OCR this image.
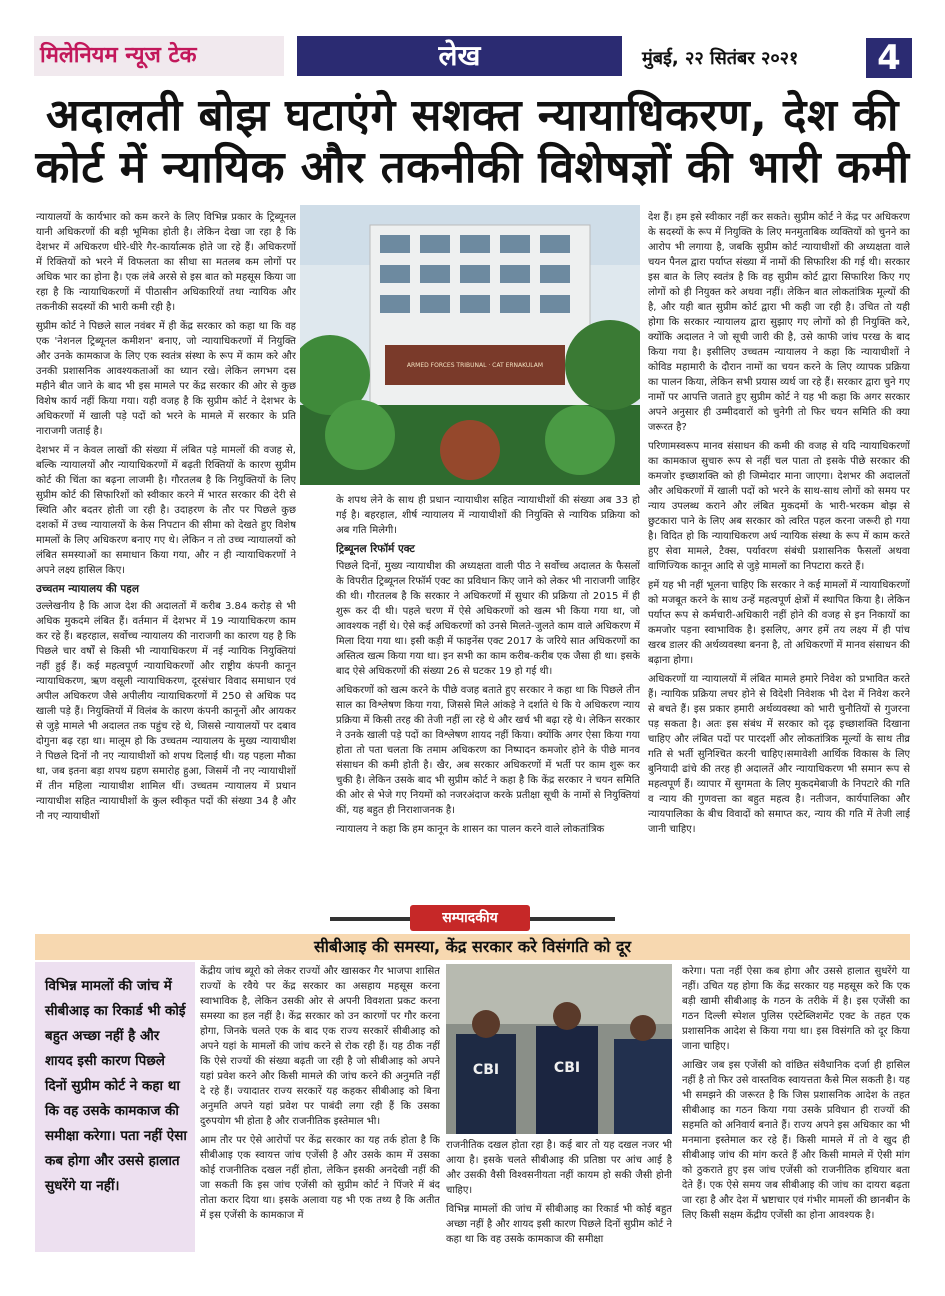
मिलेनियम न्यूज टेक	लेख	मुंबई, २२ सितंबर २०२१	4
अदालती बोझ घटाएंगे सशक्त न्यायाधिकरण, देश की कोर्ट में न्यायिक और तकनीकी विशेषज्ञों की भारी कमी

न्यायालयों के कार्यभार को कम करने के लिए विभिन्न प्रकार के ट्रिब्यूनल यानी अधिकरणों की बड़ी भूमिका होती है। लेकिन देखा जा रहा है कि देशभर में अधिकरण धीरे-धीरे गैर-कार्यात्मक होते जा रहे हैं। अधिकरणों में रिक्तियों को भरने में विफलता का सीधा सा मतलब कम लोगों पर अधिक भार का होना है। एक लंबे अरसे से इस बात को महसूस किया जा रहा है कि न्यायाधिकरणों में पीठासीन अधिकारियों तथा न्यायिक और तकनीकी सदस्यों की भारी कमी रही है।

सुप्रीम कोर्ट ने पिछले साल नवंबर में ही केंद्र सरकार को कहा था कि वह एक 'नेशनल ट्रिब्यूनल कमीशन' बनाए, जो न्यायाधिकरणों में नियुक्ति और उनके कामकाज के लिए एक स्वतंत्र संस्था के रूप में काम करे और उनकी प्रशासनिक आवश्यकताओं का ध्यान रखे। लेकिन लगभग दस महीने बीत जाने के बाद भी इस मामले पर केंद्र सरकार की ओर से कुछ विशेष कार्य नहीं किया गया। यही वजह है कि सुप्रीम कोर्ट ने देशभर के अधिकरणों में खाली पड़े पदों को भरने के मामले में सरकार के प्रति नाराजगी जताई है।

देशभर में न केवल लाखों की संख्या में लंबित पड़े मामलों की वजह से, बल्कि न्यायालयों और न्यायाधिकरणों में बढ़ती रिक्तियों के कारण सुप्रीम कोर्ट की चिंता का बढ़ना लाजमी है। गौरतलब है कि नियुक्तियों के लिए सुप्रीम कोर्ट की सिफारिशों को स्वीकार करने में भारत सरकार की देरी से स्थिति और बदतर होती जा रही है। उदाहरण के तौर पर पिछले कुछ दशकों में उच्च न्यायालयों के केस निपटान की सीमा को देखते हुए विशेष मामलों के लिए अधिकरण बनाए गए थे। लेकिन न तो उच्च न्यायालयों को लंबित समस्याओं का समाधान किया गया, और न ही न्यायाधिकरणों ने अपने लक्ष्य हासिल किए।

उच्चतम न्यायालय की पहल

उल्लेखनीय है कि आज देश की अदालतों में करीब 3.84 करोड़ से भी अधिक मुकदमे लंबित हैं। वर्तमान में देशभर में 19 न्यायाधिकरण काम कर रहे हैं। बहरहाल, सर्वोच्च न्यायालय की नाराजगी का कारण यह है कि पिछले चार वर्षों से किसी भी न्यायाधिकरण में नई न्यायिक नियुक्तियां नहीं हुई हैं। कई महत्वपूर्ण न्यायाधिकरणों और राष्ट्रीय कंपनी कानून न्यायाधिकरण, ऋण वसूली न्यायाधिकरण, दूरसंचार विवाद समाधान एवं अपील अधिकरण जैसे अपीलीय न्यायाधिकरणों में 250 से अधिक पद खाली पड़े हैं। नियुक्तियों में विलंब के कारण कंपनी कानूनों और आयकर से जुड़े मामले भी अदालत तक पहुंच रहे थे, जिससे न्यायालयों पर दबाव दोगुना बढ़ रहा था। मालूम हो कि उच्चतम न्यायालय के मुख्य न्यायाधीश ने पिछले दिनों नौ नए न्यायाधीशों को शपथ दिलाई थी। यह पहला मौका था, जब इतना बड़ा शपथ ग्रहण समारोह हुआ, जिसमें नौ नए न्यायाधीशों में तीन महिला न्यायाधीश शामिल थीं। उच्चतम न्यायालय में प्रधान न्यायाधीश सहित न्यायाधीशों के कुल स्वीकृत पदों की संख्या 34 है और नौ नए न्यायाधीशों

ARMED FORCES TRIBUNAL · CAT ERNAKULAM

के शपथ लेने के साथ ही प्रधान न्यायाधीश सहित न्यायाधीशों की संख्या अब 33 हो गई है। बहरहाल, शीर्ष न्यायालय में न्यायाधीशों की नियुक्ति से न्यायिक प्रक्रिया को अब गति मिलेगी।

ट्रिब्यूनल रिफॉर्म एक्ट

पिछले दिनों, मुख्य न्यायाधीश की अध्यक्षता वाली पीठ ने सर्वोच्च अदालत के फैसलों के विपरीत ट्रिब्यूनल रिफॉर्म एक्ट का प्रविधान किए जाने को लेकर भी नाराजगी जाहिर की थी। गौरतलब है कि सरकार ने अधिकरणों में सुधार की प्रक्रिया तो 2015 में ही शुरू कर दी थी। पहले चरण में ऐसे अधिकरणों को खत्म भी किया गया था, जो आवश्यक नहीं थे। ऐसे कई अधिकरणों को उनसे मिलते-जुलते काम वाले अधिकरण में मिला दिया गया था। इसी कड़ी में फाइनेंस एक्ट 2017 के जरिये सात अधिकरणों का अस्तित्व खत्म किया गया था। इन सभी का काम करीब-करीब एक जैसा ही था। इसके बाद ऐसे अधिकरणों की संख्या 26 से घटकर 19 हो गई थी।

अधिकरणों को खत्म करने के पीछे वजह बताते हुए सरकार ने कहा था कि पिछले तीन साल का विश्लेषण किया गया, जिससे मिले आंकड़े ने दर्शाते थे कि ये अधिकरण न्याय प्रक्रिया में किसी तरह की तेजी नहीं ला रहे थे और खर्च भी बढ़ा रहे थे। लेकिन सरकार ने उनके खाली पड़े पदों का विश्लेषण शायद नहीं किया। क्योंकि अगर ऐसा किया गया होता तो पता चलता कि तमाम अधिकरण का निष्पादन कमजोर होने के पीछे मानव संसाधन की कमी होती है। खैर, अब सरकार अधिकरणों में भर्ती पर काम शुरू कर चुकी है। लेकिन उसके बाद भी सुप्रीम कोर्ट ने कहा है कि केंद्र सरकार ने चयन समिति की ओर से भेजे गए नियमों को नजरअंदाज करके प्रतीक्षा सूची के नामों से नियुक्तियां कीं, यह बहुत ही निराशाजनक है।

न्यायालय ने कहा कि हम कानून के शासन का पालन करने वाले लोकतांत्रिक

देश हैं। हम इसे स्वीकार नहीं कर सकते। सुप्रीम कोर्ट ने केंद्र पर अधिकरण के सदस्यों के रूप में नियुक्ति के लिए मनमुताबिक व्यक्तियों को चुनने का आरोप भी लगाया है, जबकि सुप्रीम कोर्ट न्यायाधीशों की अध्यक्षता वाले चयन पैनल द्वारा पर्याप्त संख्या में नामों की सिफारिश की गई थी। सरकार इस बात के लिए स्वतंत्र है कि वह सुप्रीम कोर्ट द्वारा सिफारिश किए गए लोगों को ही नियुक्त करे अथवा नहीं। लेकिन बात लोकतांत्रिक मूल्यों की है, और यही बात सुप्रीम कोर्ट द्वारा भी कही जा रही है। उचित तो यही होगा कि सरकार न्यायालय द्वारा सुझाए गए लोगों को ही नियुक्ति करे, क्योंकि अदालत ने जो सूची जारी की है, उसे काफी जांच परख के बाद किया गया है। इसीलिए उच्चतम न्यायालय ने कहा कि न्यायाधीशों ने कोविड महामारी के दौरान नामों का चयन करने के लिए व्यापक प्रक्रिया का पालन किया, लेकिन सभी प्रयास व्यर्थ जा रहे हैं। सरकार द्वारा चुने गए नामों पर आपत्ति जताते हुए सुप्रीम कोर्ट ने यह भी कहा कि अगर सरकार अपने अनुसार ही उम्मीदवारों को चुनेगी तो फिर चयन समिति की क्या जरूरत है?

परिणामस्वरूप मानव संसाधन की कमी की वजह से यदि न्यायाधिकरणों का कामकाज सुचारु रूप से नहीं चल पाता तो इसके पीछे सरकार की कमजोर इच्छाशक्ति को ही जिम्मेदार माना जाएगा। देशभर की अदालतों और अधिकरणों में खाली पदों को भरने के साथ-साथ लोगों को समय पर न्याय उपलब्ध कराने और लंबित मुकदमों के भारी-भरकम बोझ से छुटकारा पाने के लिए अब सरकार को त्वरित पहल करना जरूरी हो गया है। विदित हो कि न्यायाधिकरण अर्ध न्यायिक संस्था के रूप में काम करते हुए सेवा मामले, टैक्स, पर्यावरण संबंधी प्रशासनिक फैसलों अथवा वाणिज्यिक कानून आदि से जुड़े मामलों का निपटारा करते हैं।

हमें यह भी नहीं भूलना चाहिए कि सरकार ने कई मामलों में न्यायाधिकरणों को मजबूत करने के साथ उन्हें महत्वपूर्ण क्षेत्रों में स्थापित किया है। लेकिन पर्याप्त रूप से कर्मचारी-अधिकारी नहीं होने की वजह से इन निकायों का कमजोर पड़ना स्वाभाविक है। इसलिए, अगर हमें तय लक्ष्य में ही पांच खरब डालर की अर्थव्यवस्था बनना है, तो अधिकरणों में मानव संसाधन की बढ़ाना होगा।

अधिकरणों या न्यायालयों में लंबित मामले हमारे निवेश को प्रभावित करते हैं। न्यायिक प्रक्रिया लचर होने से विदेशी निवेशक भी देश में निवेश करने से बचते हैं। इस प्रकार हमारी अर्थव्यवस्था को भारी चुनौतियों से गुजरना पड़ सकता है। अतः इस संबंध में सरकार को दृढ़ इच्छाशक्ति दिखाना चाहिए और लंबित पदों पर पारदर्शी और लोकतांत्रिक मूल्यों के साथ तीव्र गति से भर्ती सुनिश्चित करनी चाहिए।समावेशी आर्थिक विकास के लिए बुनियादी ढांचे की तरह ही अदालतें और न्यायाधिकरण भी समान रूप से महत्वपूर्ण हैं। व्यापार में सुगमता के लिए मुकदमेबाजी के निपटारे की गति व न्याय की गुणवत्ता का बहुत महत्व है। नतीजन, कार्यपालिका और न्यायपालिका के बीच विवादों को समाप्त कर, न्याय की गति में तेजी लाई जानी चाहिए।

सम्पादकीय
सीबीआइ की समस्या, केंद्र सरकार करे विसंगति को दूर
विभिन्न मामलों की जांच में सीबीआइ का रिकार्ड भी कोई बहुत अच्छा नहीं है और शायद इसी कारण पिछले दिनों सुप्रीम कोर्ट ने कहा था कि वह उसके कामकाज की समीक्षा करेगा। पता नहीं ऐसा कब होगा और उससे हालात सुधरेंगे या नहीं।

केंद्रीय जांच ब्यूरो को लेकर राज्यों और खासकर गैर भाजपा शासित राज्यों के रवैये पर केंद्र सरकार का असहाय महसूस करना स्वाभाविक है, लेकिन उसकी ओर से अपनी विवशता प्रकट करना समस्या का हल नहीं है। केंद्र सरकार को उन कारणों पर गौर करना होगा, जिनके चलते एक के बाद एक राज्य सरकारें सीबीआइ को अपने यहां के मामलों की जांच करने से रोक रही हैं। यह ठीक नहीं कि ऐसे राज्यों की संख्या बढ़ती जा रही है जो सीबीआइ को अपने यहां प्रवेश करने और किसी मामले की जांच करने की अनुमति नहीं दे रहे हैं। ज्यादातर राज्य सरकारें यह कहकर सीबीआइ को बिना अनुमति अपने यहां प्रवेश पर पाबंदी लगा रही हैं कि उसका दुरुपयोग भी होता है और राजनीतिक इस्तेमाल भी।

आम तौर पर ऐसे आरोपों पर केंद्र सरकार का यह तर्क होता है कि सीबीआइ एक स्वायत्त जांच एजेंसी है और उसके काम में उसका कोई राजनीतिक दखल नहीं होता, लेकिन इसकी अनदेखी नहीं की जा सकती कि इस जांच एजेंसी को सुप्रीम कोर्ट ने पिंजरे में बंद तोता करार दिया था। इसके अलावा यह भी एक तथ्य है कि अतीत में इस एजेंसी के कामकाज में

CBI	CBI

राजनीतिक दखल होता रहा है। कई बार तो यह दखल नजर भी आया है। इसके चलते सीबीआइ की प्रतिष्ठा पर आंच आई है और उसकी वैसी विश्वसनीयता नहीं कायम हो सकी जैसी होनी चाहिए।

विभिन्न मामलों की जांच में सीबीआइ का रिकार्ड भी कोई बहुत अच्छा नहीं है और शायद इसी कारण पिछले दिनों सुप्रीम कोर्ट ने कहा था कि वह उसके कामकाज की समीक्षा

करेगा। पता नहीं ऐसा कब होगा और उससे हालात सुधरेंगे या नहीं। उचित यह होगा कि केंद्र सरकार यह महसूस करे कि एक बड़ी खामी सीबीआइ के गठन के तरीके में है। इस एजेंसी का गठन दिल्ली स्पेशल पुलिस एस्टेब्लिशमेंट एक्ट के तहत एक प्रशासनिक आदेश से किया गया था। इस विसंगति को दूर किया जाना चाहिए।

आखिर जब इस एजेंसी को वांछित संवैधानिक दर्जा ही हासिल नहीं है तो फिर उसे वास्तविक स्वायत्तता कैसे मिल सकती है। यह भी समझने की जरूरत है कि जिस प्रशासनिक आदेश के तहत सीबीआइ का गठन किया गया उसके प्रविधान ही राज्यों की सहमति को अनिवार्य बनाते हैं। राज्य अपने इस अधिकार का भी मनमाना इस्तेमाल कर रहे हैं। किसी मामले में तो वे खुद ही सीबीआइ जांच की मांग करते हैं और किसी मामले में ऐसी मांग को ठुकराते हुए इस जांच एजेंसी को राजनीतिक हथियार बता देते हैं। एक ऐसे समय जब सीबीआइ की जांच का दायरा बढ़ता जा रहा है और देश में भ्रष्टाचार एवं गंभीर मामलों की छानबीन के लिए किसी सक्षम केंद्रीय एजेंसी का होना आवश्यक है।
